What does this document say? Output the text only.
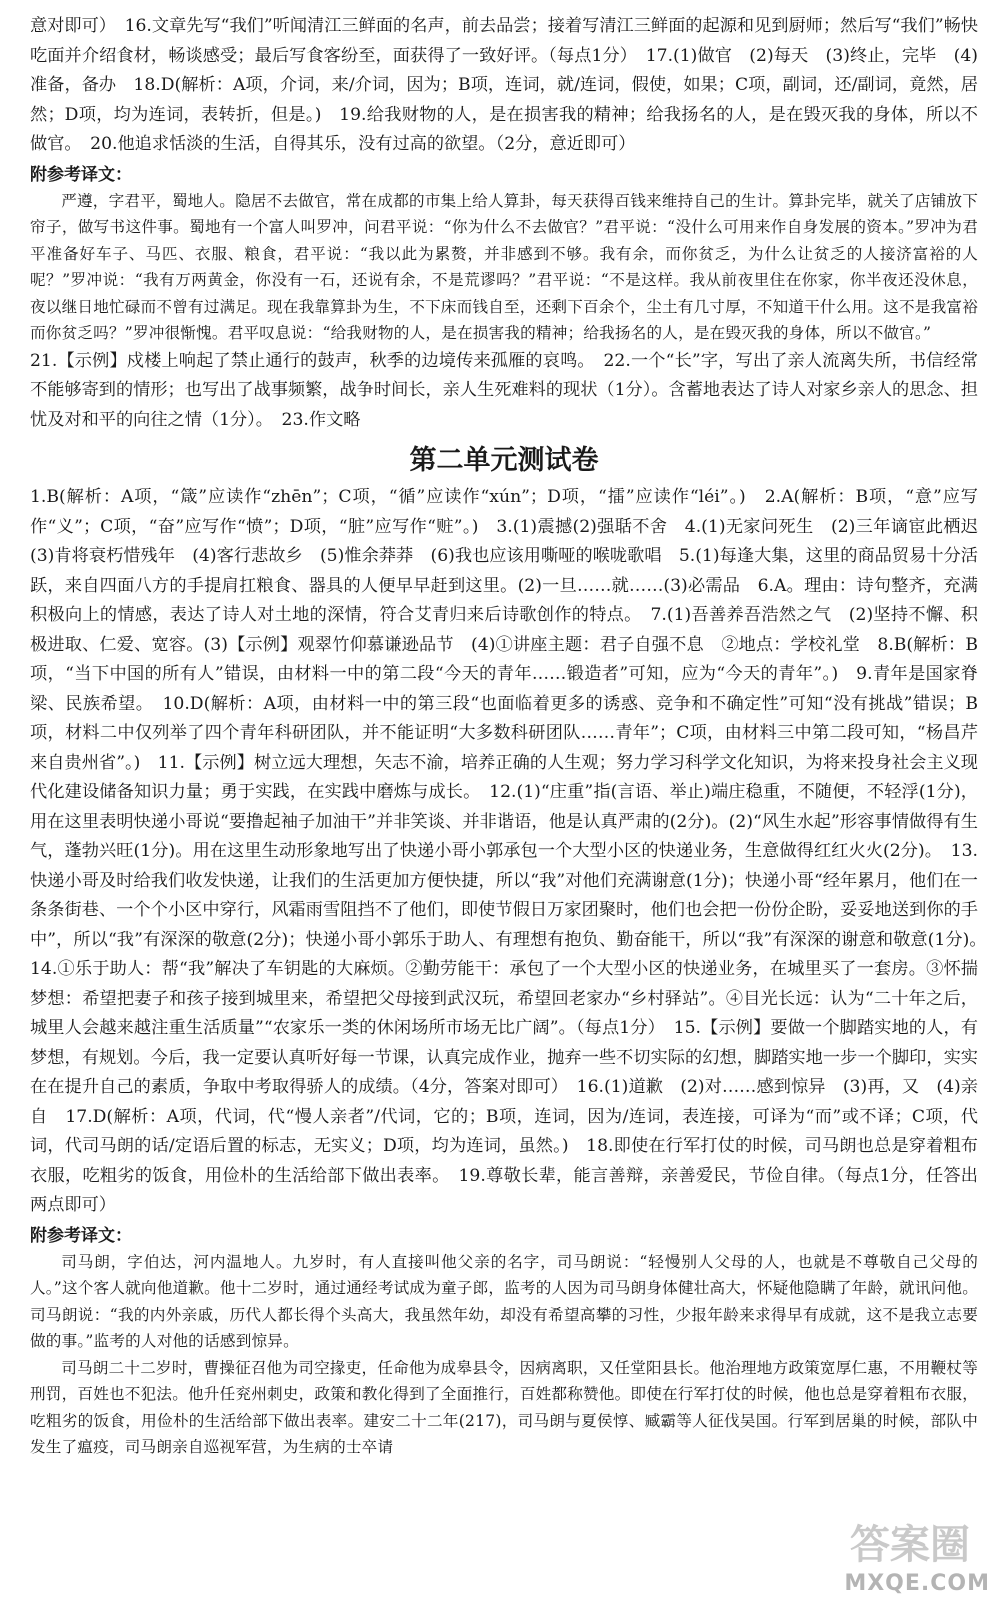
意对即可）　16.文章先写“我们”听闻清江三鲜面的名声，前去品尝；接着写清江三鲜面的起源和见到厨师；然后写“我们”畅快吃面并介绍食材，畅谈感受；最后写食客纷至，面获得了一致好评。（每点1分）　17.(1)做官　(2)每天　(3)终止，完毕　(4)准备，备办　18.D(解析：A项，介词，来/介词，因为；B项，连词，就/连词，假使，如果；C项，副词，还/副词，竟然，居然；D项，均为连词，表转折，但是。)　19.给我财物的人，是在损害我的精神；给我扬名的人，是在毁灭我的身体，所以不做官。　20.他追求恬淡的生活，自得其乐，没有过高的欲望。（2分，意近即可）

附参考译文：

严遵，字君平，蜀地人。隐居不去做官，常在成都的市集上给人算卦，每天获得百钱来维持自己的生计。算卦完毕，就关了店铺放下帘子，做写书这件事。蜀地有一个富人叫罗冲，问君平说：“你为什么不去做官？”君平说：“没什么可用来作自身发展的资本。”罗冲为君平准备好车子、马匹、衣服、粮食，君平说：“我以此为累赘，并非感到不够。我有余，而你贫乏，为什么让贫乏的人接济富裕的人呢？”罗冲说：“我有万两黄金，你没有一石，还说有余，不是荒谬吗？”君平说：“不是这样。我从前夜里住在你家，你半夜还没休息，夜以继日地忙碌而不曾有过满足。现在我靠算卦为生，不下床而钱自至，还剩下百余个，尘土有几寸厚，不知道干什么用。这不是我富裕而你贫乏吗？”罗冲很惭愧。君平叹息说：“给我财物的人，是在损害我的精神；给我扬名的人，是在毁灭我的身体，所以不做官。”

21.【示例】戍楼上响起了禁止通行的鼓声，秋季的边境传来孤雁的哀鸣。　22.一个“长”字，写出了亲人流离失所，书信经常不能够寄到的情形；也写出了战事频繁，战争时间长，亲人生死难料的现状（1分）。含蓄地表达了诗人对家乡亲人的思念、担忧及对和平的向往之情（1分）。　23.作文略

第二单元测试卷

1.B(解析：A项，“箴”应读作“zhēn”；C项，“循”应读作“xún”；D项，“擂”应读作“léi”。)　2.A(解析：B项，“意”应写作“义”；C项，“奋”应写作“愤”；D项，“脏”应写作“赃”。)　3.(1)震撼(2)强聒不舍　4.(1)无家问死生　(2)三年谪宦此栖迟　(3)肯将衰朽惜残年　(4)客行悲故乡　(5)惟余莽莽　(6)我也应该用嘶哑的喉咙歌唱　5.(1)每逢大集，这里的商品贸易十分活跃，来自四面八方的手提肩扛粮食、器具的人便早早赶到这里。(2)一旦……就……(3)必需品　6.A。理由：诗句整齐，充满积极向上的情感，表达了诗人对土地的深情，符合艾青归来后诗歌创作的特点。　7.(1)吾善养吾浩然之气　(2)坚持不懈、积极进取、仁爱、宽容。(3)【示例】观翠竹仰慕谦逊品节　(4)①讲座主题：君子自强不息　②地点：学校礼堂　8.B(解析：B项，“当下中国的所有人”错误，由材料一中的第二段“今天的青年……锻造者”可知，应为“今天的青年”。)　9.青年是国家脊梁、民族希望。　10.D(解析：A项，由材料一中的第三段“也面临着更多的诱惑、竞争和不确定性”可知“没有挑战”错误；B项，材料二中仅列举了四个青年科研团队，并不能证明“大多数科研团队……青年”；C项，由材料三中第二段可知，“杨昌芹来自贵州省”。)　11.【示例】树立远大理想，矢志不渝，培养正确的人生观；努力学习科学文化知识，为将来投身社会主义现代化建设储备知识力量；勇于实践，在实践中磨炼与成长。　12.(1)“庄重”指(言语、举止)端庄稳重，不随便，不轻浮(1分)，用在这里表明快递小哥说“要撸起袖子加油干”并非笑谈、并非谐语，他是认真严肃的(2分)。(2)“风生水起”形容事情做得有生气，蓬勃兴旺(1分)。用在这里生动形象地写出了快递小哥小郭承包一个大型小区的快递业务，生意做得红红火火(2分)。　13.快递小哥及时给我们收发快递，让我们的生活更加方便快捷，所以“我”对他们充满谢意(1分)；快递小哥“经年累月，他们在一条条街巷、一个个小区中穿行，风霜雨雪阻挡不了他们，即使节假日万家团聚时，他们也会把一份份企盼，妥妥地送到你的手中”，所以“我”有深深的敬意(2分)；快递小哥小郭乐于助人、有理想有抱负、勤奋能干，所以“我”有深深的谢意和敬意(1分)。　14.①乐于助人：帮“我”解决了车钥匙的大麻烦。②勤劳能干：承包了一个大型小区的快递业务，在城里买了一套房。③怀揣梦想：希望把妻子和孩子接到城里来，希望把父母接到武汉玩，希望回老家办“乡村驿站”。④目光长远：认为“二十年之后，城里人会越来越注重生活质量”“农家乐一类的休闲场所市场无比广阔”。（每点1分）　15.【示例】要做一个脚踏实地的人，有梦想，有规划。今后，我一定要认真听好每一节课，认真完成作业，抛弃一些不切实际的幻想，脚踏实地一步一个脚印，实实在在提升自己的素质，争取中考取得骄人的成绩。（4分，答案对即可）　16.(1)道歉　(2)对……感到惊异　(3)再，又　(4)亲自　17.D(解析：A项，代词，代“慢人亲者”/代词，它的；B项，连词，因为/连词，表连接，可译为“而”或不译；C项，代词，代司马朗的话/定语后置的标志，无实义；D项，均为连词，虽然。)　18.即使在行军打仗的时候，司马朗也总是穿着粗布衣服，吃粗劣的饭食，用俭朴的生活给部下做出表率。　19.尊敬长辈，能言善辩，亲善爱民，节俭自律。（每点1分，任答出两点即可）

附参考译文：

司马朗，字伯达，河内温地人。九岁时，有人直接叫他父亲的名字，司马朗说：“轻慢别人父母的人，也就是不尊敬自己父母的人。”这个客人就向他道歉。他十二岁时，通过通经考试成为童子郎，监考的人因为司马朗身体健壮高大，怀疑他隐瞒了年龄，就讯问他。司马朗说：“我的内外亲戚，历代人都长得个头高大，我虽然年幼，却没有希望高攀的习性，少报年龄来求得早有成就，这不是我立志要做的事。”监考的人对他的话感到惊异。

司马朗二十二岁时，曹操征召他为司空掾吏，任命他为成皋县令，因病离职，又任堂阳县长。他治理地方政策宽厚仁惠，不用鞭杖等刑罚，百姓也不犯法。他升任兖州刺史，政策和教化得到了全面推行，百姓都称赞他。即使在行军打仗的时候，他也总是穿着粗布衣服，吃粗劣的饭食，用俭朴的生活给部下做出表率。建安二十二年(217)，司马朗与夏侯惇、臧霸等人征伐吴国。行军到居巢的时候，部队中发生了瘟疫，司马朗亲自巡视军营，为生病的士卒请

答案圈
MXQE.COM
